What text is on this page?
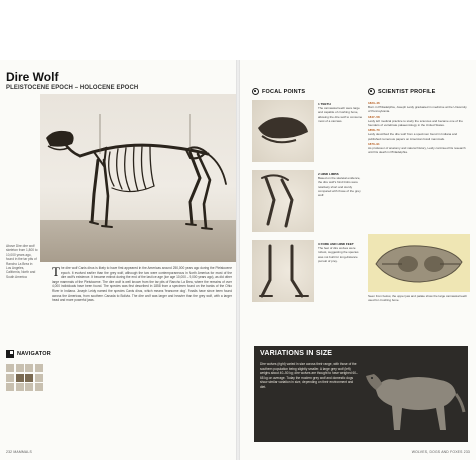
Dire Wolf
PLEISTOCENE EPOCH – HOLOCENE EPOCH
Above Dire dire wolf skeleton from 1,800 to 10,000 years ago, found in the tar pits of Rancho La Brea in Los Angeles, California, North and South America	The dire wolf Canis dirus is likely to have first appeared in the Americas around 250,000 years ago during the Pleistocene epoch. It evolved earlier than the grey wolf, although the two were contemporaneous in North America for most of the dire wolf's existence. It became extinct during the end of the last ice age (ice age 10,000 – 9,000 years ago), as did other large mammals of the Pleistocene. The dire wolf is well known from the tar pits of Rancho La Brea, where the remains of over 4,000 individuals have been found. The species was first described in 1858 from a specimen found on the banks of the Ohio River in Indiana. Joseph Leidy named the species Canis dirus, which means 'fearsome dog'. Fossils have since been found across the Americas, from southern Canada to Bolivia. The dire wolf was larger and heavier than the grey wolf, with a larger head and more powerful jaws.
NAVIGATOR
232 MAMMALS
FOCAL POINTS
1 TEETH
The carnassial teeth were large and capable of crushing bone, allowing the dire wolf to consume most of a carcass.
2 HIND LIMBS
Based on the skeletal evidence, the dire wolf's hind limbs were relatively short and sturdy compared with those of the grey wolf.
3 FORE AND HIND FEET
The feet of dire wolves were robust, suggesting the species was not built for long-distance pursuit of prey.
SCIENTIST PROFILE
1823–46
Born in Philadelphia, Joseph Leidy graduated in medicine at the University of Pennsylvania.
1847–58
Leidy left medical practice to study the sciences and became one of the founders of vertebrate palaeontology in the United States.
1858–70
Leidy described the dire wolf from a specimen found in Indiana and published numerous papers on American fossil mammals.
1870–91
As professor of anatomy and natural history, Leidy continued his research until his death in Philadelphia.
Seen from below, the upper jaw and palate show the large carnassial teeth used for crushing bone.
VARIATIONS IN SIZE
Dire wolves (right) varied in size across their range, with those of the southern population being slightly smaller. A large grey wolf (left) weighs about 40–50 kg; dire wolves are thought to have weighed 60–68 kg on average. Today the modern grey wolf and domestic dogs show similar variation in size, depending on their environment and diet.
WOLVES, DOGS AND FOXES 233
